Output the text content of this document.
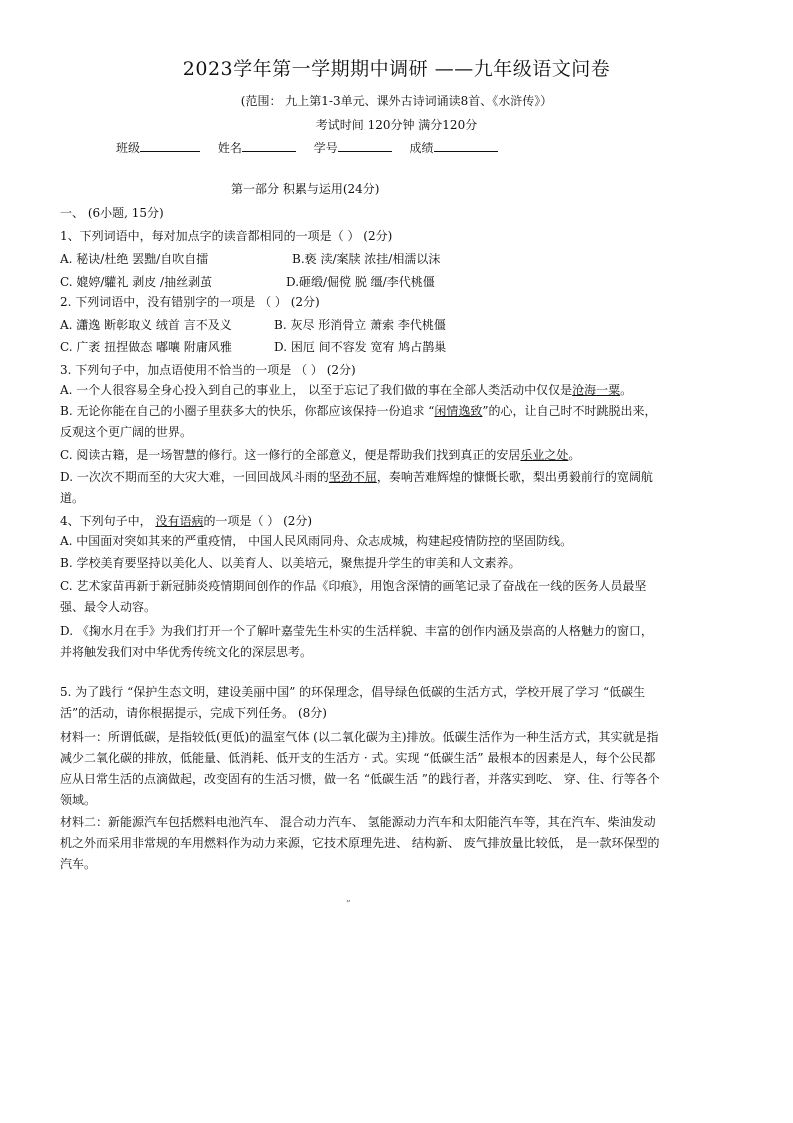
2023学年第一学期期中调研 ——九年级语文问卷
(范围： 九上第1-3单元、课外古诗词诵读8首、《水浒传》）
考试时间 120分钟 满分120分
班级	姓名	学号	成绩
第一部分 积累与运用(24分)
一、 (6小题, 15分)
1、下列词语中，每对加点字的读音都相同的一项是（ ） (2分)
A. 秘诀/杜绝 罢黜/自吹自擂	B.亵 渎/案牍 浓挂/相濡以沫
C. 媲婷/驩礼 剥皮 /抽丝剥茧	D.砸缎/倔傥 脱 缰/李代桃僵
2. 下列词语中，没有错别字的一项是 （ ） (2分)
A. 瀟逸 断彰取义 绒首 言不及义	B. 灰尽 形消骨立 萧索 李代桃僵
C. 广袤 扭捏做态 嘟嚷 附庸风雅	D. 困厄 间不容发 宽宥 鸠占鹊巢
3. 下列句子中，加点语使用不恰当的一项是 （ ） (2分)
A. 一个人很容易全身心投入到自己的事业上， 以至于忘记了我们做的事在全部人类活动中仅仅是沧海一粟。
B. 无论你能在自己的小圈子里获多大的快乐，你都应该保持一份追求 “闲情逸致”的心，让自己时不时跳脱出来，反观这个更广阔的世界。
C. 阅读古籍，是一场智慧的修行。这一修行的全部意义，便是帮助我们找到真正的安居乐业之处。
D. 一次次不期而至的大灾大难，一回回战风斗雨的坚劲不屈，奏响苦难辉煌的慷慨长歌，梨出勇毅前行的宽阔航道。
4、下列句子中， 没有语病的一项是（ ） (2分)
A. 中国面对突如其来的严重疫情， 中国人民风雨同舟、众志成城，构建起疫情防控的坚固防线。
B. 学校美育要坚持以美化人、以美育人、以美培元，聚焦提升学生的审美和人文素养。
C. 艺术家苗再新于新冠肺炎疫情期间创作的作品《印痕》，用饱含深情的画笔记录了奋战在一线的医务人员最坚强、最令人动容。
D. 《掬水月在手》为我们打开一个了解叶嘉莹先生朴实的生活样貌、丰富的创作内涵及崇高的人格魅力的窗口，并将触发我们对中华优秀传统文化的深层思考。
5. 为了践行 “保护生态文明，建设美丽中国” 的环保理念，倡导绿色低碳的生活方式，学校开展了学习 “低碳生活”的活动，请你根据提示，完成下列任务。 (8分)
材料一：所谓低碳，是指较低(更低)的温室气体 (以二氧化碳为主)排放。低碳生活作为一种生活方式，其实就是指减少二氧化碳的排放，低能量、低消耗、低开支的生活方 · 式。实现 “低碳生活” 最根本的因素是人，每个公民都应从日常生活的点滴做起，改变固有的生活习惯，做一名 “低碳生活 ”的践行者，并落实到吃、 穿、住、行等各个领域。
材料二：新能源汽车包括燃料电池汽车、 混合动力汽车、 氢能源动力汽车和太阳能汽车等，其在汽车、柴油发动机之外而采用非常规的车用燃料作为动力来源，它技术原理先进、 结构新、 废气排放量比较低， 是一款环保型的汽车。
”
